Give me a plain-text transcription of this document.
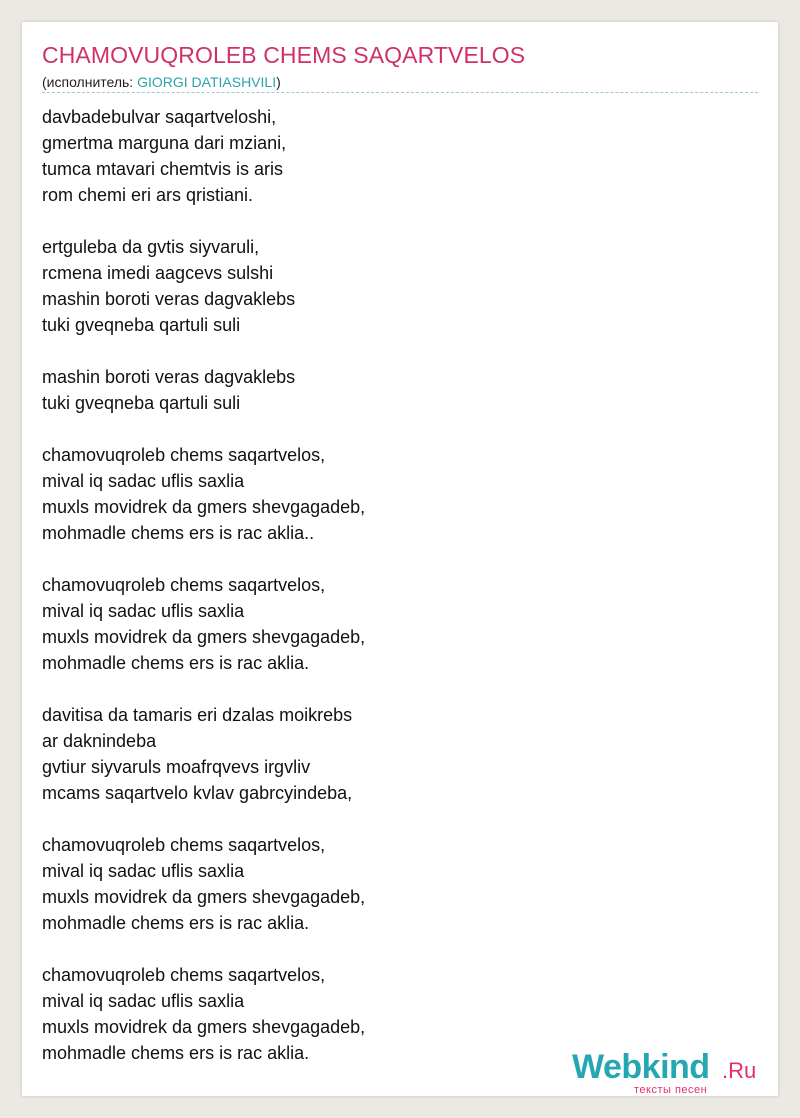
CHAMOVUQROLEB CHEMS SAQARTVELOS
(исполнитель: GIORGI DATIASHVILI)
davbadebulvar saqartveloshi,
gmertma marguna dari mziani,
tumca mtavari chemtvis is aris
rom chemi eri ars qristiani.
ertguleba da gvtis siyvaruli,
rcmena imedi aagcevs sulshi
mashin boroti veras dagvaklebs
tuki gveqneba qartuli suli
mashin boroti veras dagvaklebs
tuki gveqneba qartuli suli
chamovuqroleb chems saqartvelos,
mival iq sadac uflis saxlia
muxls movidrek da gmers shevgagadeb,
mohmadle chems ers is rac aklia..
chamovuqroleb chems saqartvelos,
mival iq sadac uflis saxlia
muxls movidrek da gmers shevgagadeb,
mohmadle chems ers is rac aklia.
davitisa da tamaris eri dzalas moikrebs
ar daknindeba
gvtiur siyvaruls moafrqvevs irgvliv
mcams saqartvelo kvlav gabrcyindeba,
chamovuqroleb chems saqartvelos,
mival iq sadac uflis saxlia
muxls movidrek da gmers shevgagadeb,
mohmadle chems ers is rac aklia.
chamovuqroleb chems saqartvelos,
mival iq sadac uflis saxlia
muxls movidrek da gmers shevgagadeb,
mohmadle chems ers is rac aklia.	Webkind .Ru
тексты песен
